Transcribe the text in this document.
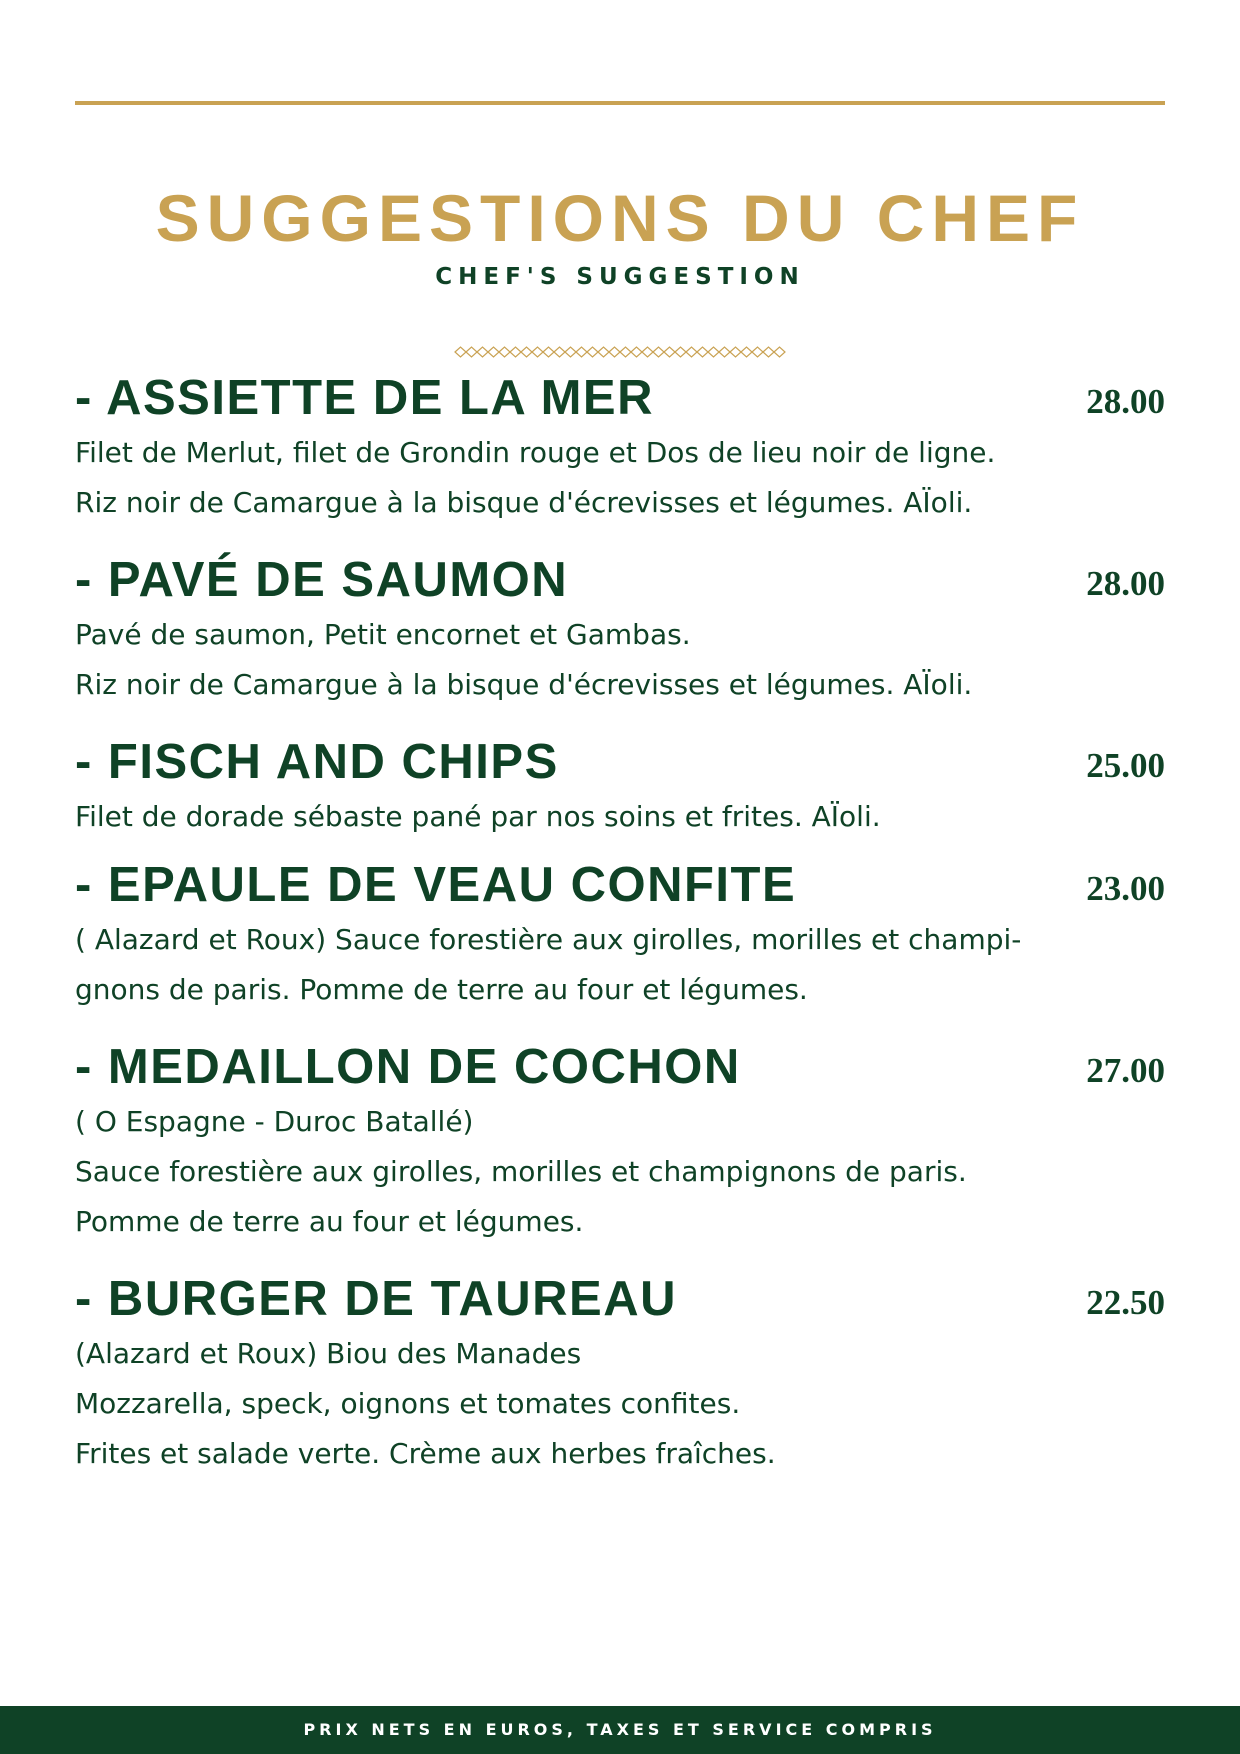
SUGGESTIONS DU CHEF
CHEF'S SUGGESTION
- ASSIETTE DE LA MER	28.00
Filet de Merlut, filet de Grondin rouge et Dos de lieu noir de ligne.
Riz noir de Camargue à la bisque d'écrevisses et légumes. AÏoli.
- PAVÉ DE SAUMON	28.00
Pavé de saumon, Petit encornet et Gambas.
Riz noir de Camargue à la bisque d'écrevisses et légumes. AÏoli.
- FISCH AND CHIPS	25.00
Filet de dorade sébaste pané par nos soins et frites. AÏoli.
- EPAULE DE VEAU CONFITE	23.00
( Alazard et Roux) Sauce forestière aux girolles, morilles et champi-
gnons de paris. Pomme de terre au four et légumes.
- MEDAILLON DE COCHON	27.00
( O Espagne - Duroc Batallé)
Sauce forestière aux girolles, morilles et champignons de paris.
Pomme de terre au four et légumes.
- BURGER DE TAUREAU	22.50
(Alazard et Roux) Biou des Manades
Mozzarella, speck, oignons et tomates confites.
Frites et salade verte. Crème aux herbes fraîches.
PRIX NETS EN EUROS, TAXES ET SERVICE COMPRIS
